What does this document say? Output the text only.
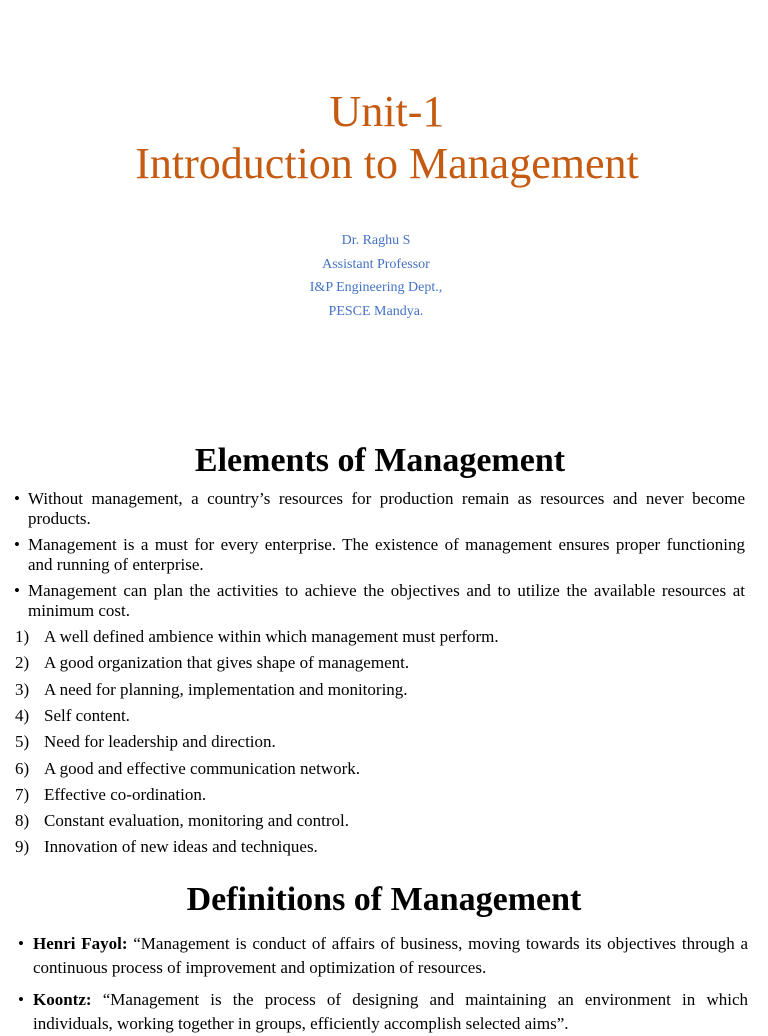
Unit-1
Introduction to Management
Dr. Raghu S
Assistant Professor
I&P Engineering Dept.,
PESCE Mandya.
Elements of Management
• Without management, a country’s resources for production remain as resources and never become products.
• Management is a must for every enterprise. The existence of management ensures proper functioning and running of enterprise.
• Management can plan the activities to achieve the objectives and to utilize the available resources at minimum cost.
1) A well defined ambience within which management must perform.
2) A good organization that gives shape of management.
3) A need for planning, implementation and monitoring.
4) Self content.
5) Need for leadership and direction.
6) A good and effective communication network.
7) Effective co-ordination.
8) Constant evaluation, monitoring and control.
9) Innovation of new ideas and techniques.
Definitions of Management
• Henri Fayol: “Management is conduct of affairs of business, moving towards its objectives through a continuous process of improvement and optimization of resources.
• Koontz: “Management is the process of designing and maintaining an environment in which individuals, working together in groups, efficiently accomplish selected aims”.
